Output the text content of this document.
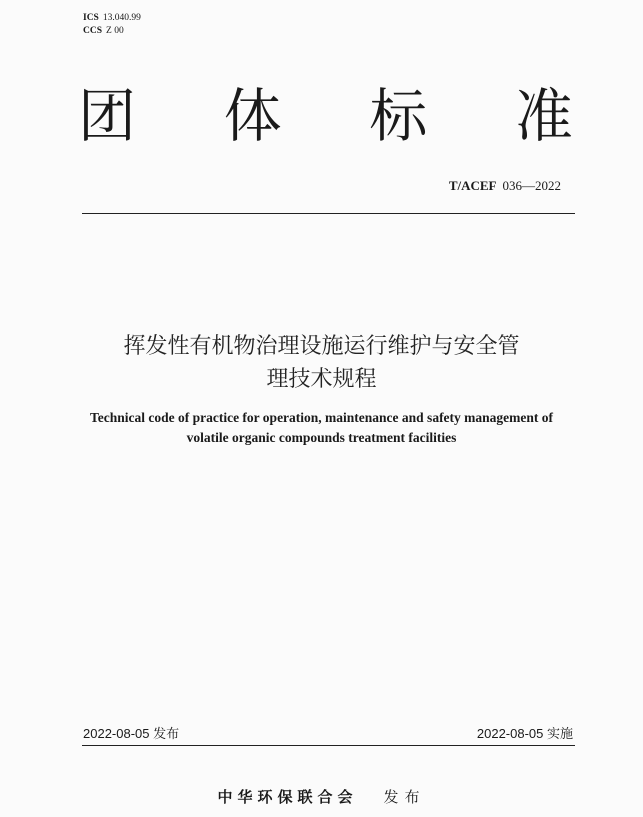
ICS 13.040.99
CCS Z 00
团 体 标 准
T/ACEF 036—2022
挥发性有机物治理设施运行维护与安全管
理技术规程
Technical code of practice for operation, maintenance and safety management of
volatile organic compounds treatment facilities
2022-08-05 发布	2022-08-05 实施
中华环保联合会 发布
